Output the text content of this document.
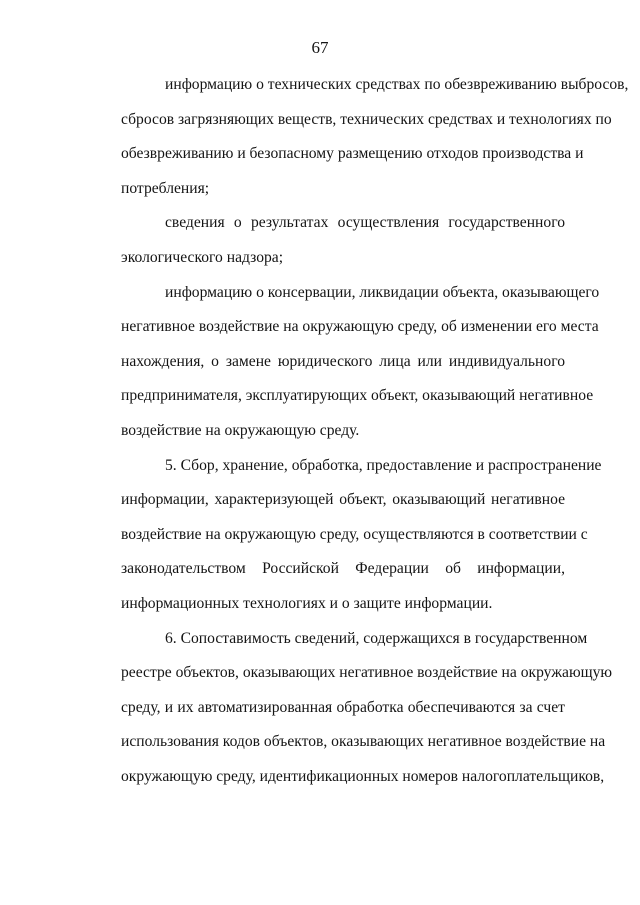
67

информацию о технических средствах по обезвреживанию выбросов,
сбросов загрязняющих веществ, технических средствах и технологиях по
обезвреживанию и безопасному размещению отходов производства и
потребления;

сведения о результатах осуществления государственного
экологического надзора;

информацию о консервации, ликвидации объекта, оказывающего
негативное воздействие на окружающую среду, об изменении его места
нахождения, о замене юридического лица или индивидуального
предпринимателя, эксплуатирующих объект, оказывающий негативное
воздействие на окружающую среду.

5. Сбор, хранение, обработка, предоставление и распространение
информации, характеризующей объект, оказывающий негативное
воздействие на окружающую среду, осуществляются в соответствии с
законодательством Российской Федерации об информации,
информационных технологиях и о защите информации.

6. Сопоставимость сведений, содержащихся в государственном
реестре объектов, оказывающих негативное воздействие на окружающую
среду, и их автоматизированная обработка обеспечиваются за счет
использования кодов объектов, оказывающих негативное воздействие на
окружающую среду, идентификационных номеров налогоплательщиков,
